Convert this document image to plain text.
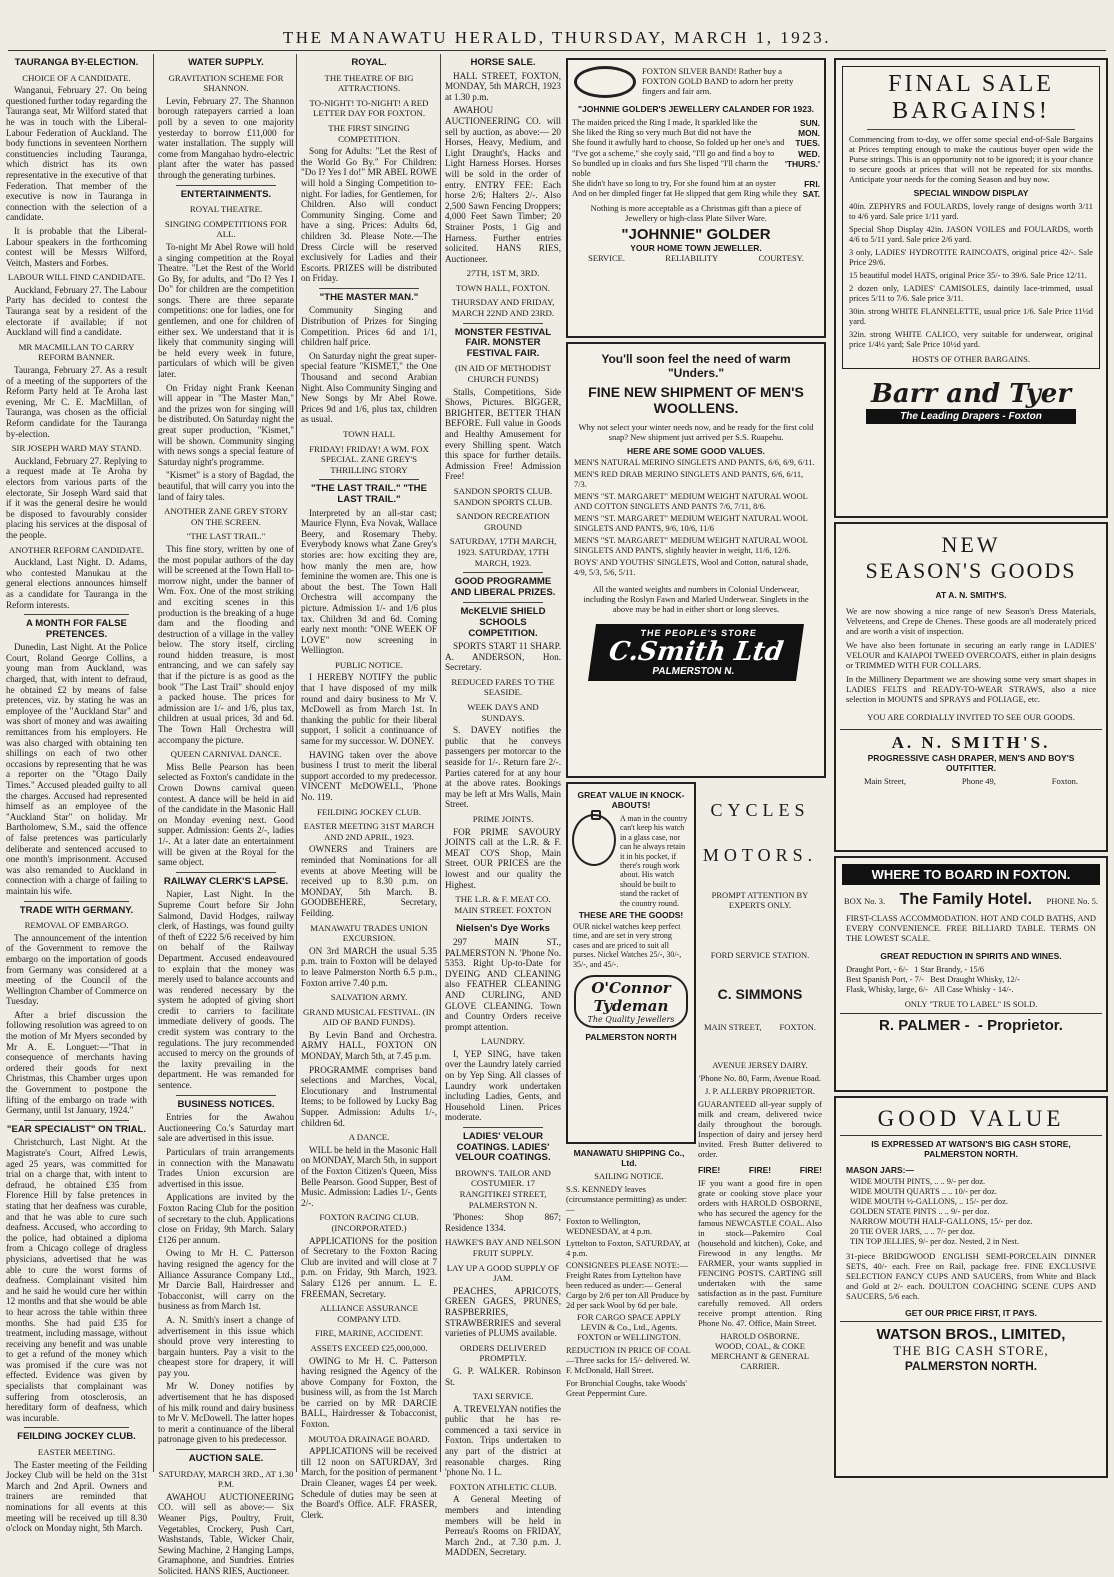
THE MANAWATU HERALD, THURSDAY, MARCH 1, 1923.
TAURANGA BY-ELECTION.
CHOICE OF A CANDIDATE.

Wanganui, February 27. On being questioned further today regarding the Tauranga seat, Mr Wilford stated that he was in touch with the Liberal-Labour Federation of Auckland. The body functions in seventeen Northern constituencies including Tauranga, which district has its own representative in the executive of that Federation. That member of the executive is now in Tauranga in connection with the selection of a candidate.

It is probable that the Liberal-Labour speakers in the forthcoming contest will be Messrs Wilford, Veitch, Masters and Forbes.

LABOUR WILL FIND CANDIDATE.

Auckland, February 27. The Labour Party has decided to contest the Tauranga seat by a resident of the electorate if available; if not Auckland will find a candidate.

MR MACMILLAN TO CARRY REFORM BANNER.

Tauranga, February 27. As a result of a meeting of the supporters of the Reform Party held at Te Aroha last evening, Mr C. E. MacMillan, of Tauranga, was chosen as the official Reform candidate for the Tauranga by-election.

SIR JOSEPH WARD MAY STAND.

Auckland, February 27. Replying to a request made at Te Aroha by electors from various parts of the electorate, Sir Joseph Ward said that if it was the general desire he would be disposed to favourably consider placing his services at the disposal of the people.

ANOTHER REFORM CANDIDATE.

Auckland, Last Night. D. Adams, who contested Manukau at the general elections announces himself as a candidate for Tauranga in the Reform interests.

A MONTH FOR FALSE PRETENCES.

Dunedin, Last Night. At the Police Court, Roland George Collins, a young man from Auckland, was charged, that, with intent to defraud, he obtained £2 by means of false pretences, viz. by stating he was an employee of the "Auckland Star" and was short of money and was awaiting remittances from his employers. He was also charged with obtaining ten shillings on each of two other occasions by representing that he was a reporter on the "Otago Daily Times." Accused pleaded guilty to all the charges. Accused had represented himself as an employee of the "Auckland Star" on holiday. Mr Bartholomew, S.M., said the offence of false pretences was particularly deliberate and sentenced accused to one month's imprisonment. Accused was also remanded to Auckland in connection with a charge of failing to maintain his wife.

TRADE WITH GERMANY.
REMOVAL OF EMBARGO.

The announcement of the intention of the Government to remove the embargo on the importation of goods from Germany was considered at a meeting of the Council of the Wellington Chamber of Commerce on Tuesday.

After a brief discussion the following resolution was agreed to on the motion of Mr Myers seconded by Mr A. E. Longuet:—"That in consequence of merchants having ordered their goods for next Christmas, this Chamber urges upon the Government to postpone the lifting of the embargo on trade with Germany, until 1st January, 1924."

"EAR SPECIALIST" ON TRIAL.

Christchurch, Last Night. At the Magistrate's Court, Alfred Lewis, aged 25 years, was committed for trial on a charge that, with intent to defraud, he obtained £35 from Florence Hill by false pretences in stating that her deafness was curable, and that he was able to cure such deafness. Accused, who according to the police, had obtained a diploma from a Chicago college of dragless physicians, advertised that he was able to cure the worst forms of deafness. Complainant visited him and he said he would cure her within 12 months and that she would be able to hear across the table within three months. She had paid £35 for treatment, including massage, without receiving any benefit and was unable to get a refund of the money which was promised if the cure was not effected. Evidence was given by specialists that complainant was suffering from otosclerosis, an hereditary form of deafness, which was incurable.

FEILDING JOCKEY CLUB.
EASTER MEETING.

The Easter meeting of the Feilding Jockey Club will be held on the 31st March and 2nd April. Owners and trainers are reminded that nominations for all events at this meeting will be received up till 8.30 o'clock on Monday night, 5th March.

WATER SUPPLY.
GRAVITATION SCHEME FOR SHANNON.

Levin, February 27. The Shannon borough ratepayers carried a loan poll by a seven to one majority yesterday to borrow £11,000 for water installation. The supply will come from Mangahao hydro-electric plant after the water has passed through the generating turbines.

ENTERTAINMENTS.
ROYAL THEATRE.
SINGING COMPETITIONS FOR ALL.

To-night Mr Abel Rowe will hold a singing competition at the Royal Theatre. "Let the Rest of the World Go By, for adults, and "Do I? Yes I Do" for children are the competition songs. There are three separate competitions: one for ladies, one for gentlemen, and one for children of either sex. We understand that it is likely that community singing will be held every week in future, particulars of which will be given later.

On Friday night Frank Keenan will appear in "The Master Man," and the prizes won for singing will be distributed. On Saturday night the great super production, "Kismet," will be shown. Community singing with news songs a special feature of Saturday night's programme.

"Kismet" is a story of Bagdad, the beautiful, that will carry you into the land of fairy tales.

ANOTHER ZANE GREY STORY ON THE SCREEN.
"THE LAST TRAIL."

This fine story, written by one of the most popular authors of the day will be screened at the Town Hall to-morrow night, under the banner of Wm. Fox. One of the most striking and exciting scenes in this production is the breaking of a huge dam and the flooding and destruction of a village in the valley below. The story itself, circling round hidden treasure, is most entrancing, and we can safely say that if the picture is as good as the book "The Last Trail" should enjoy a packed house. The prices for admission are 1/- and 1/6, plus tax, children at usual prices, 3d and 6d. The Town Hall Orchestra will accompany the picture.

QUEEN CARNIVAL DANCE.

Miss Belle Pearson has been selected as Foxton's candidate in the Crown Downs carnival queen contest. A dance will be held in aid of the candidate in the Masonic Hall on Monday evening next. Good supper. Admission: Gents 2/-, ladies 1/-. At a later date an entertainment will be given at the Royal for the same object.

RAILWAY CLERK'S LAPSE.

Napier, Last Night. In the Supreme Court before Sir John Salmond, David Hodges, railway clerk, of Hastings, was found guilty of theft of £222 5/6 received by him on behalf of the Railway Department. Accused endeavoured to explain that the money was merely used to balance accounts and was rendered necessary by the system he adopted of giving short credit to carriers to facilitate immediate delivery of goods. The credit system was contrary to the regulations. The jury recommended accused to mercy on the grounds of the laxity prevailing in the department. He was remanded for sentence.

BUSINESS NOTICES.

Entries for the Awahou Auctioneering Co.'s Saturday mart sale are advertised in this issue.

Particulars of train arrangements in connection with the Manawatu Trades Union excursion are advertised in this issue.

Applications are invited by the Foxton Racing Club for the position of secretary to the club. Applications close on Friday, 9th March. Salary £126 per annum.

Owing to Mr H. C. Patterson having resigned the agency for the Alliance Assurance Company Ltd., Mr Darcie Ball, Hairdresser and Tobacconist, will carry on the business as from March 1st.

A. N. Smith's insert a change of advertisement in this issue which should prove very interesting to bargain hunters. Pay a visit to the cheapest store for drapery, it will pay you.

Mr W. Doney notifies by advertisement that he has disposed of his milk round and dairy business to Mr V. McDowell. The latter hopes to merit a continuance of the liberal patronage given to his predecessor.

AUCTION SALE.
SATURDAY, MARCH 3RD., AT 1.30 P.M.

AWAHOU AUCTIONEERING CO. will sell as above:— Six Weaner Pigs, Poultry, Fruit, Vegetables, Crockery, Push Cart, Washstands, Table, Wicker Chair, Sewing Machine, 2 Hanging Lamps, Gramaphone, and Sundries. Entries Solicited. HANS RIES, Auctioneer.

ROYAL.
THE THEATRE OF BIG ATTRACTIONS.
TO-NIGHT! TO-NIGHT! A RED LETTER DAY FOR FOXTON.
THE FIRST SINGING COMPETITION.

Song for Adults: "Let the Rest of the World Go By." For Children: "Do I? Yes I do!" MR ABEL ROWE will hold a Singing Competition to-night. For ladies, for Gentlemen, for Children. Also will conduct Community Singing. Come and have a sing. Prices: Adults 6d, children 3d. Please Note.—The Dress Circle will be reserved exclusively for Ladies and their Escorts. PRIZES will be distributed on Friday.

"THE MASTER MAN."

Community Singing and Distribution of Prizes for Singing Competition. Prices 6d and 1/1, children half price.

On Saturday night the great super-special feature "KISMET," the One Thousand and second Arabian Night. Also Community Singing and New Songs by Mr Abel Rowe. Prices 9d and 1/6, plus tax, children as usual.

TOWN HALL
FRIDAY! FRIDAY! A WM. FOX SPECIAL. ZANE GREY'S THRILLING STORY
"THE LAST TRAIL." "THE LAST TRAIL."

Interpreted by an all-star cast; Maurice Flynn, Eva Novak, Wallace Beery, and Rosemary Theby. Everybody knows what Zane Grey's stories are: how exciting they are, how manly the men are, how feminine the women are. This one is about the best. The Town Hall Orchestra will accompany the picture. Admission 1/- and 1/6 plus tax. Children 3d and 6d. Coming early next month: "ONE WEEK OF LOVE" now screening in Wellington.

PUBLIC NOTICE.

I HEREBY NOTIFY the public that I have disposed of my milk round and dairy business to Mr V. McDowell as from March 1st. In thanking the public for their liberal support, I solicit a continuance of same for my successor. W. DONEY.

HAVING taken over the above business I trust to merit the liberal support accorded to my predecessor. VINCENT McDOWELL, 'Phone No. 119.

FEILDING JOCKEY CLUB.
EASTER MEETING 31ST MARCH AND 2ND APRIL, 1923.

OWNERS and Trainers are reminded that Nominations for all events at above Meeting will be received up to 8.30 p.m. on MONDAY, 5th March. B. GOODBEHERE, Secretary, Feilding.

MANAWATU TRADES UNION EXCURSION.

ON 3rd MARCH the usual 5.35 p.m. train to Foxton will be delayed to leave Palmerston North 6.5 p.m., Foxton arrive 7.40 p.m.

SALVATION ARMY.
GRAND MUSICAL FESTIVAL. (IN AID OF BAND FUNDS).

By Levin Band and Orchestra. ARMY HALL, FOXTON ON MONDAY, March 5th, at 7.45 p.m.

PROGRAMME comprises band selections and Marches, Vocal, Elocutionary and Instrumental Items; to be followed by Lucky Bag Supper. Admission: Adults 1/-, children 6d.

A DANCE.

WILL be held in the Masonic Hall on MONDAY, March 5th, in support of the Foxton Citizen's Queen, Miss Belle Pearson. Good Supper, Best of Music. Admission: Ladies 1/-, Gents 2/-.

FOXTON RACING CLUB. (INCORPORATED.)

APPLICATIONS for the position of Secretary to the Foxton Racing Club are invited and will close at 7 p.m. on Friday, 9th March, 1923. Salary £126 per annum. L. E. FREEMAN, Secretary.

ALLIANCE ASSURANCE COMPANY LTD.
FIRE, MARINE, ACCIDENT.
ASSETS EXCEED £25,000,000.

OWING to Mr H. C. Patterson having resigned the Agency of the above Company for Foxton, the business will, as from the 1st March be carried on by MR DARCIE BALL, Hairdresser & Tobacconist, Foxton.

MOUTOA DRAINAGE BOARD.

APPLICATIONS will be received till 12 noon on SATURDAY, 3rd March, for the position of permanent Drain Cleaner, wages £4 per week. Schedule of duties may be seen at the Board's Office. ALF. FRASER, Clerk.

HORSE SALE.

HALL STREET, FOXTON, MONDAY, 5th MARCH, 1923 at 1.30 p.m.

AWAHOU AUCTIONEERING CO. will sell by auction, as above:— 20 Horses, Heavy, Medium, and Light Draught's, Hacks and Light Harness Horses. Horses will be sold in the order of entry. ENTRY FEE: Each horse 2/6; Halters 2/-. Also 2,500 Sawn Fencing Droppers; 4,000 Feet Sawn Timber; 20 Strainer Posts, 1 Gig and Harness. Further entries solicited. HANS RIES, Auctioneer.

27TH, 1ST M, 3RD.
TOWN HALL, FOXTON.
THURSDAY AND FRIDAY, MARCH 22ND AND 23RD.
MONSTER FESTIVAL FAIR. MONSTER FESTIVAL FAIR.
(IN AID OF METHODIST CHURCH FUNDS)

Stalls, Competitions, Side Shows, Pictures. BIGGER, BRIGHTER, BETTER THAN BEFORE. Full value in Goods and Healthy Amusement for every Shilling spent. Watch this space for further details. Admission Free! Admission Free!

SANDON SPORTS CLUB. SANDON SPORTS CLUB.
SANDON RECREATION GROUND
SATURDAY, 17TH MARCH, 1923. SATURDAY, 17TH MARCH, 1923.
GOOD PROGRAMME AND LIBERAL PRIZES.
McKELVIE SHIELD SCHOOLS COMPETITION.

SPORTS START 11 SHARP. A. ANDERSON, Hon. Secretary.

REDUCED FARES TO THE SEASIDE.
WEEK DAYS AND SUNDAYS.

S. DAVEY notifies the public that he conveys passengers per motorcar to the seaside for 1/-. Return fare 2/-. Parties catered for at any hour at the above rates. Bookings may be left at Mrs Walls, Main Street.

PRIME JOINTS.

FOR PRIME SAVOURY JOINTS call at the L.R. & F. MEAT CO'S Shop, Main Street. OUR PRICES are the lowest and our quality the Highest.

THE L.R. & F. MEAT CO. MAIN STREET. FOXTON
Nielsen's Dye Works

297 MAIN ST., PALMERSTON N. 'Phone No. 5353. Right Up-to-Date for DYEING AND CLEANING also FEATHER CLEANING AND CURLING, AND GLOVE CLEANING. Town and Country Orders receive prompt attention.

LAUNDRY.

I, YEP SING, have taken over the Laundry lately carried on by Yep Sing. All classes of Laundry work undertaken including Ladies, Gents, and Household Linen. Prices moderate.

LADIES' VELOUR COATINGS. LADIES' VELOUR COATINGS.
BROWN'S. TAILOR AND COSTUMIER. 17 RANGITIKEI STREET, PALMERSTON N.

'Phones: Shop 867; Residence 1334.

HAWKE'S BAY AND NELSON FRUIT SUPPLY.
LAY UP A GOOD SUPPLY OF JAM.

PEACHES, APRICOTS, GREEN GAGES, PRUNES, RASPBERRIES, STRAWBERRIES and several varieties of PLUMS available.

ORDERS DELIVERED PROMPTLY.

G. P. WALKER. Robinson St.

TAXI SERVICE.

A. TREVELYAN notifies the public that he has re-commenced a taxi service in Foxton. Trips undertaken to any part of the district at reasonable charges. Ring 'phone No. 1 L.

FOXTON ATHLETIC CLUB.

A General Meeting of members and intending members will be held in Perreau's Rooms on FRIDAY, March 2nd., at 7.30 p.m. J. MADDEN, Secretary.

FOXTON SILVER BAND! Rather buy a FOXTON GOLD BAND to adorn her pretty fingers and fair arm.
"JOHNNIE GOLDER'S JEWELLERY CALANDER FOR 1923.
The maiden priced the Ring I made, It sparkled like the	SUN.
She liked the Ring so very much But did not have the	MON.
She found it awfully hard to choose, So folded up her one's and	TUES.
"I've got a scheme," she coyly said, "I'll go and find a boy to	WED.
So bundled up in cloaks and furs She lisped "I'll charm the noble
'THURS.'
She didn't have so long to try, For she found him at an oyster	FRI.
And on her dimpled finger fat He slipped that gem Ring while they SAT.
Nothing is more acceptable as a Christmas gift than a piece of Jewellery or high-class Plate Silver Ware.
"JOHNNIE" GOLDER
YOUR HOME TOWN JEWELLER.
SERVICE.	RELIABILITY	COURTESY.
You'll soon feel the need of warm "Unders."
FINE NEW SHIPMENT OF MEN'S WOOLLENS.
Why not select your winter needs now, and be ready for the first cold snap? New shipment just arrived per S.S. Ruapehu.
HERE ARE SOME GOOD VALUES.
MEN'S NATURAL MERINO SINGLETS AND PANTS, 6/6, 6/9, 6/11.
MEN'S RED DRAB MERINO SINGLETS AND PANTS, 6/6, 6/11, 7/3.
MEN'S "ST. MARGARET" MEDIUM WEIGHT NATURAL WOOL AND COTTON SINGLETS AND PANTS 7/6, 7/11, 8/6.
MEN'S "ST. MARGARET" MEDIUM WEIGHT NATURAL WOOL SINGLETS AND PANTS, 9/6, 10/6, 11/6
MEN'S "ST. MARGARET" MEDIUM WEIGHT NATURAL WOOL SINGLETS AND PANTS, slightly heavier in weight, 11/6, 12/6.
BOYS' AND YOUTHS' SINGLETS, Wool and Cotton, natural shade, 4/9, 5/3, 5/6, 5/11.
All the wanted weights and numbers in Colonial Underwear, including the Roslyn Fawn and Marled Underwear. Singlets in the above may be had in either short or long sleeves.
THE PEOPLE'S STORE
C.Smith Ltd
PALMERSTON N.
GREAT VALUE IN KNOCK-ABOUTS!
A man in the country can't keep his watch in a glass case, nor can he always retain it in his pocket, if there's rough work about. His watch should be built to stand the racket of the country round.
THESE ARE THE GOODS!
OUR nickel watches keep perfect time, and are set in very strong cases and are priced to suit all purses. Nickel Watches 25/-, 30/-, 35/-, and 45/-.
O'Connor
Tydeman
The Quality Jewellers
PALMERSTON NORTH
CYCLES
MOTORS.
PROMPT ATTENTION BY EXPERTS ONLY.
FORD SERVICE STATION.
C. SIMMONS
MAIN STREET, FOXTON.
MANAWATU SHIPPING Co., Ltd.
SAILING NOTICE.
S.S. KENNEDY leaves (circumstance permitting) as under:—
Foxton to Wellington, WEDNESDAY, at 4 p.m.
Lyttelton to Foxton, SATURDAY, at 4 p.m.
CONSIGNEES PLEASE NOTE:— Freight Rates from Lyttelton have been reduced as under:— General Cargo by 2/6 per ton All Produce by 2d per sack Wool by 6d per bale.
FOR CARGO SPACE APPLY LEVIN & Co., Ltd., Agents. FOXTON or WELLINGTON.
REDUCTION IN PRICE OF COAL —Three sacks for 15/- delivered. W. F. McDonald, Hall Street.
For Bronchial Coughs, take Woods' Great Peppermint Cure.
AVENUE JERSEY DAIRY.
'Phone No. 80, Farm, Avenue Road.
J. P. ALLERBY PROPRIETOR.
GUARANTEED all-year supply of milk and cream, delivered twice daily throughout the borough. Inspection of dairy and jersey herd invited. Fresh Butter delivered to order.
FIRE!	FIRE!	FIRE!
IF you want a good fire in open grate or cooking stove place your orders with HAROLD OSBORNE, who has secured the agency for the famous NEWCASTLE COAL. Also in stock—Pakemiro Coal (household and kitchen), Coke, and Firewood in any lengths. Mr FARMER, your wants supplied in FENCING POSTS. CARTING still undertaken with the same satisfaction as in the past. Furniture carefully removed. All orders receive prompt attention. Ring Phone No. 47. Office, Main Street.
HAROLD OSBORNE.
WOOD, COAL, & COKE MERCHANT & GENERAL CARRIER.
FINAL SALE
BARGAINS!
Commencing from to-day, we offer some special end-of-Sale Bargains at Prices tempting enough to make the cautious buyer open wide the Purse strings. This is an opportunity not to be ignored; it is your chance to secure goods at prices that will not be repeated for six months. Anticipate your needs for the coming Season and buy now.
SPECIAL WINDOW DISPLAY
40in. ZEPHYRS and FOULARDS, lovely range of designs worth 3/11 to 4/6 yard. Sale price 1/11 yard.
Special Shop Display 42in. JASON VOILES and FOULARDS, worth 4/6 to 5/11 yard. Sale price 2/6 yard.
3 only, LADIES' HYDROTITE RAINCOATS, original price 42/-. Sale Price 29/6.
15 beautiful model HATS, original Price 35/- to 39/6. Sale Price 12/11.
2 dozen only, LADIES' CAMISOLES, daintily lace-trimmed, usual prices 5/11 to 7/6. Sale price 3/11.
30in. strong WHITE FLANNELETTE, usual price 1/6. Sale Price 11½d yard.
32in. strong WHITE CALICO, very suitable for underwear, original price 1/4½ yard; Sale Price 10½d yard.
HOSTS OF OTHER BARGAINS.
Barr and Tyer
The Leading Drapers - Foxton
NEW
SEASON'S GOODS
AT A. N. SMITH'S.
We are now showing a nice range of new Season's Dress Materials, Velveteens, and Crepe de Chenes. These goods are all moderately priced and are worth a visit of inspection.
We have also been fortunate in securing an early range in LADIES' VELOUR and KAIAPOI TWEED OVERCOATS, either in plain designs or TRIMMED WITH FUR COLLARS.
In the Millinery Department we are showing some very smart shapes in LADIES FELTS and READY-TO-WEAR STRAWS, also a nice selection in MOUNTS and SPRAYS and FOLIAGE, etc.
YOU ARE CORDIALLY INVITED TO SEE OUR GOODS.
A. N. SMITH'S.
PROGRESSIVE CASH DRAPER, MEN'S AND BOY'S OUTFITTER.
Main Street,	Phone 49,	Foxton.
WHERE TO BOARD IN FOXTON.
BOX No. 3. The Family Hotel. PHONE No. 5.
FIRST-CLASS ACCOMMODATION. HOT AND COLD BATHS, AND EVERY CONVENIENCE. FREE BILLIARD TABLE. TERMS ON THE LOWEST SCALE.
GREAT REDUCTION IN SPIRITS AND WINES.
Draught Port, - 6/-   1 Star Brandy, - 15/6
Best Spanish Port, - 7/-   Best Draught Whisky, 12/-
Flask, Whisky, large, 6/-   All Case Whisky - 14/-.
ONLY "TRUE TO LABEL" IS SOLD.
R. PALMER -  - Proprietor.
GOOD VALUE
IS EXPRESSED AT WATSON'S BIG CASH STORE, PALMERSTON NORTH.
MASON JARS:—
WIDE MOUTH PINTS, .. .. 9/- per doz.
WIDE MOUTH QUARTS .. .. 10/- per doz.
WIDE MOUTH ½-GALLONS, .. 15/- per doz.
GOLDEN STATE PINTS .. .. 9/- per doz.
NARROW MOUTH HALF-GALLONS, 15/- per doz.
20 TIE OVER JARS, .. .. 7/- per doz.
TIN TOP JELLIES, 9/- per doz. Nested, 2 in Nest.
31-piece BRIDGWOOD ENGLISH SEMI-PORCELAIN DINNER SETS, 40/- each. Free on Rail, package free. FINE EXCLUSIVE SELECTION FANCY CUPS AND SAUCERS, from White and Black and Gold at 2/- each. DOULTON COACHING SCENE CUPS AND SAUCERS, 5/6 each.
GET OUR PRICE FIRST, IT PAYS.
WATSON BROS., LIMITED,
THE BIG CASH STORE,
PALMERSTON NORTH.
